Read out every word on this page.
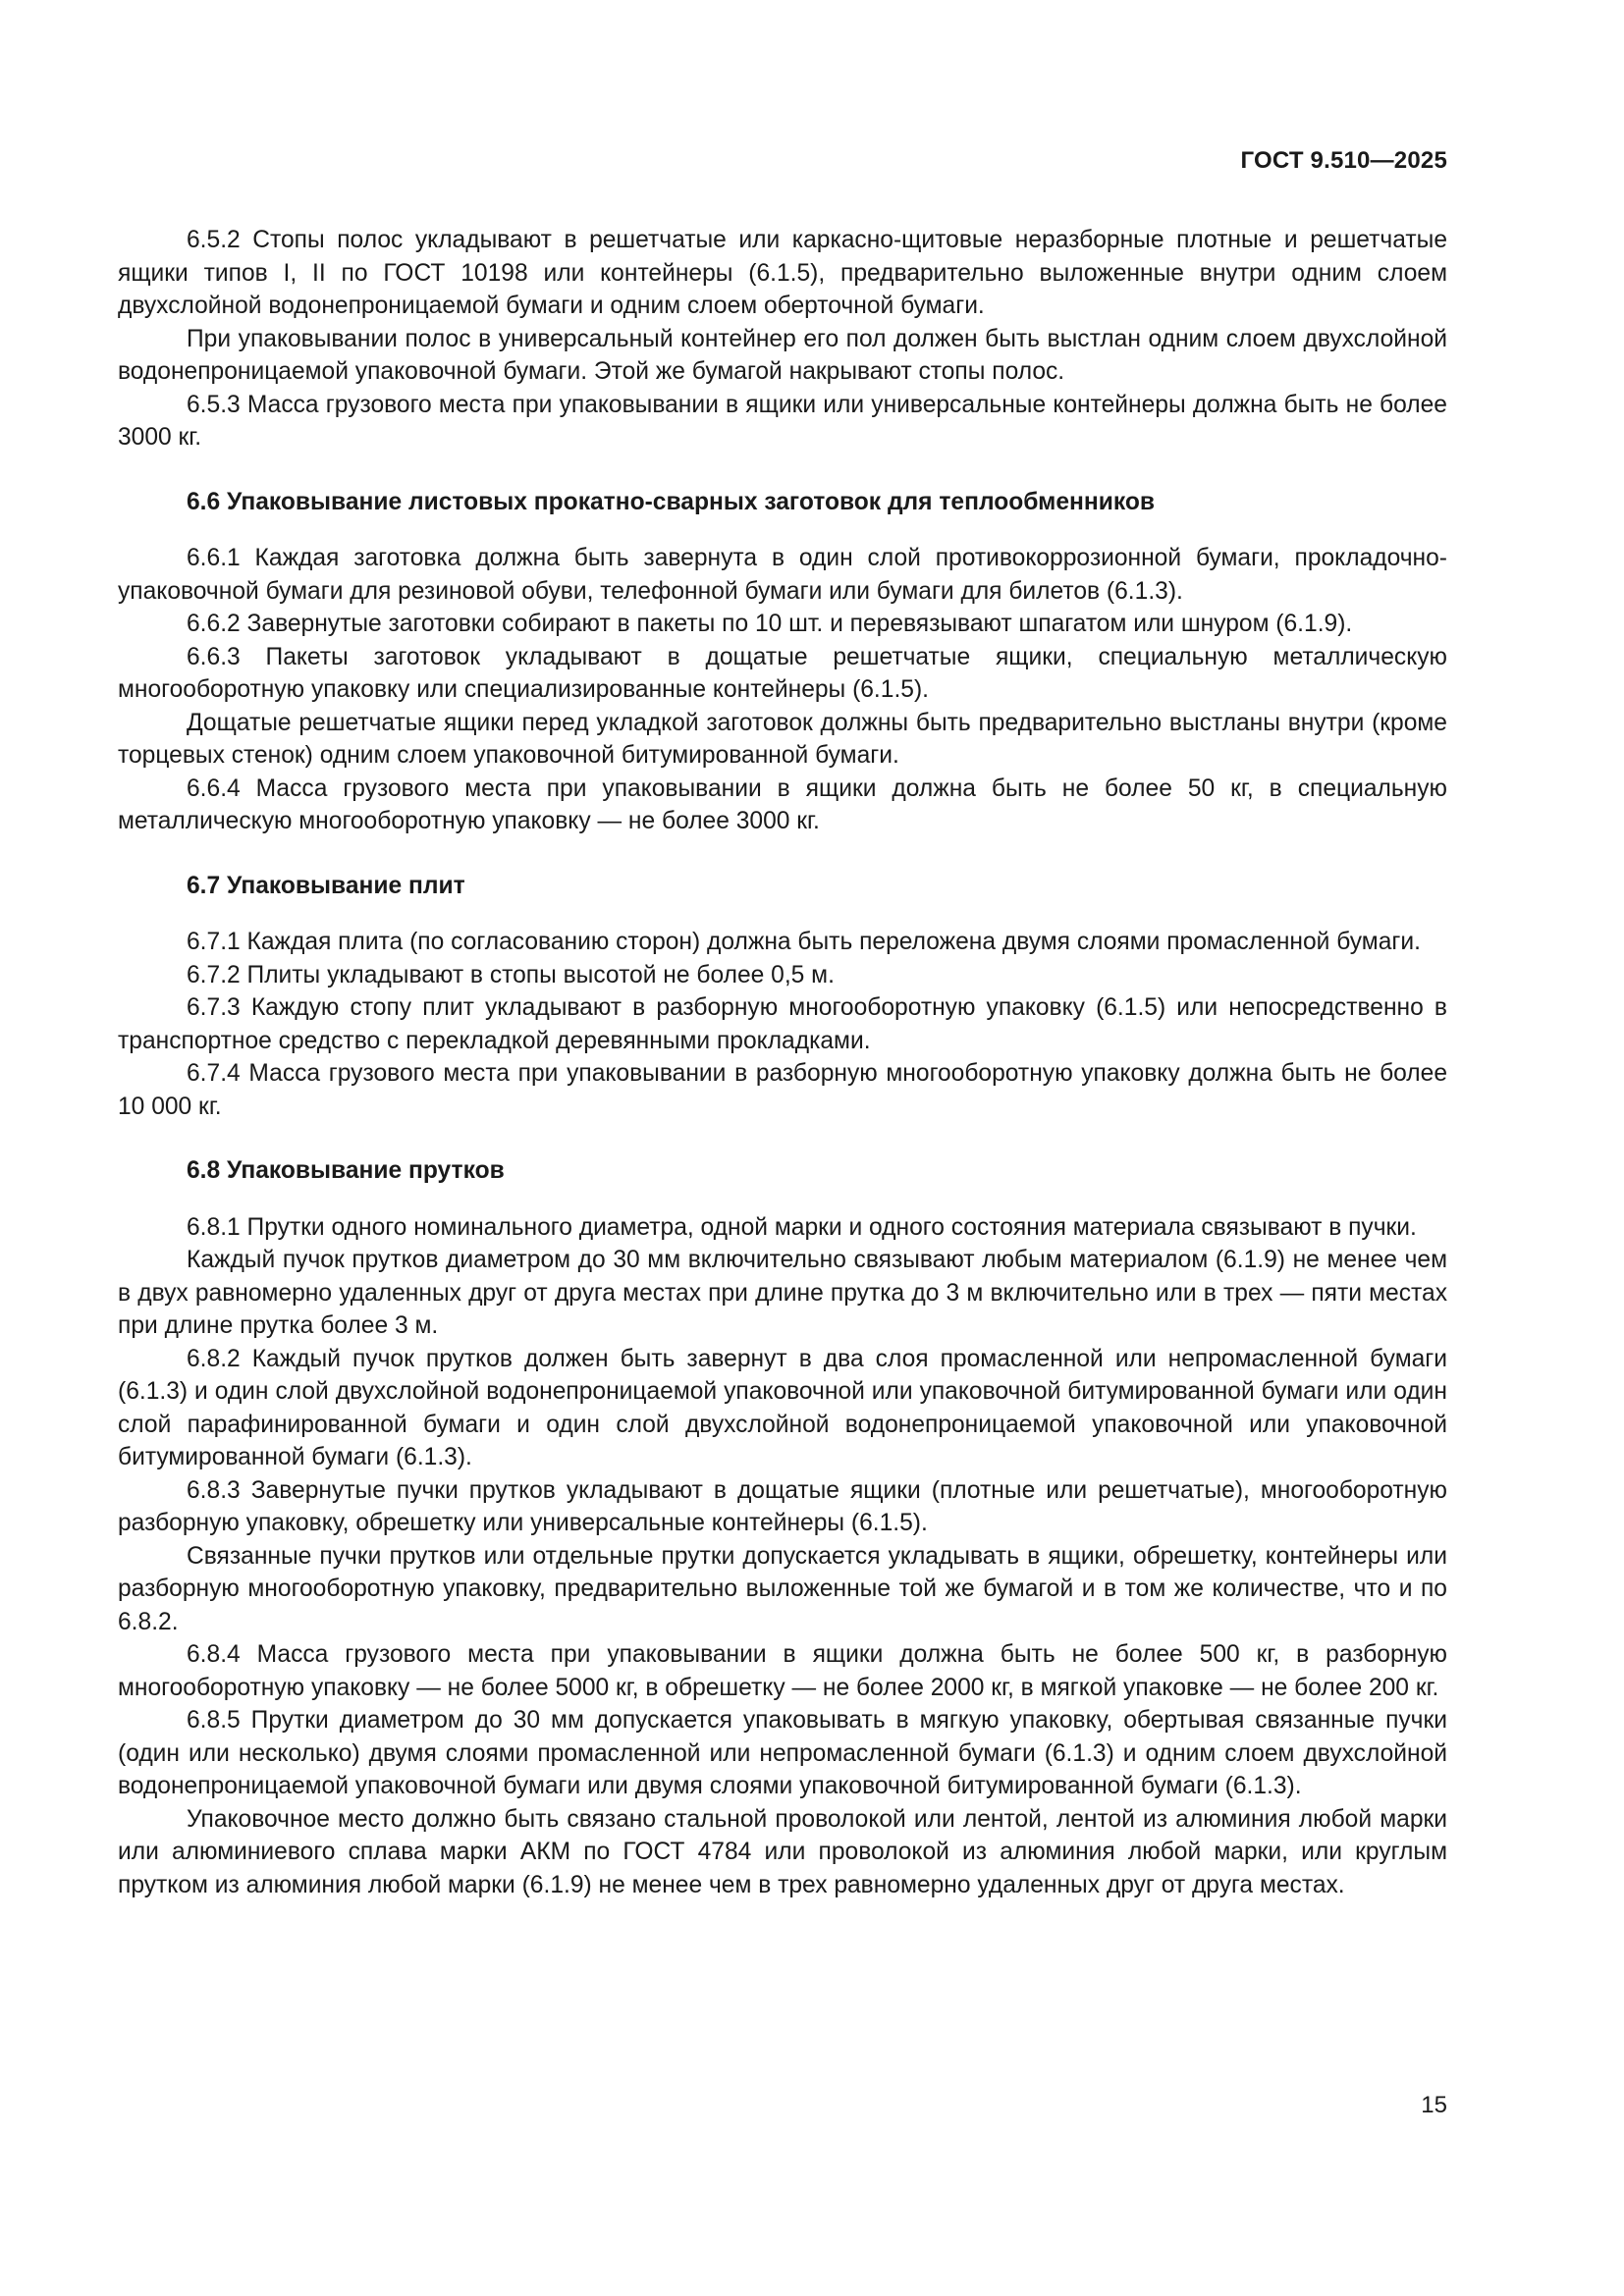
ГОСТ 9.510—2025

6.5.2 Стопы полос укладывают в решетчатые или каркасно-щитовые неразборные плотные и решетчатые ящики типов I, II по ГОСТ 10198 или контейнеры (6.1.5), предварительно выложенные внутри одним слоем двухслойной водонепроницаемой бумаги и одним слоем оберточной бумаги.

При упаковывании полос в универсальный контейнер его пол должен быть выстлан одним слоем двухслойной водонепроницаемой упаковочной бумаги. Этой же бумагой накрывают стопы полос.

6.5.3 Масса грузового места при упаковывании в ящики или универсальные контейнеры должна быть не более 3000 кг.

6.6 Упаковывание листовых прокатно-сварных заготовок для теплообменников

6.6.1 Каждая заготовка должна быть завернута в один слой противокоррозионной бумаги, прокладочно-упаковочной бумаги для резиновой обуви, телефонной бумаги или бумаги для билетов (6.1.3).

6.6.2 Завернутые заготовки собирают в пакеты по 10 шт. и перевязывают шпагатом или шнуром (6.1.9).

6.6.3 Пакеты заготовок укладывают в дощатые решетчатые ящики, специальную металлическую многооборотную упаковку или специализированные контейнеры (6.1.5).

Дощатые решетчатые ящики перед укладкой заготовок должны быть предварительно выстланы внутри (кроме торцевых стенок) одним слоем упаковочной битумированной бумаги.

6.6.4 Масса грузового места при упаковывании в ящики должна быть не более 50 кг, в специальную металлическую многооборотную упаковку — не более 3000 кг.

6.7 Упаковывание плит

6.7.1 Каждая плита (по согласованию сторон) должна быть переложена двумя слоями промасленной бумаги.

6.7.2 Плиты укладывают в стопы высотой не более 0,5 м.

6.7.3 Каждую стопу плит укладывают в разборную многооборотную упаковку (6.1.5) или непосредственно в транспортное средство с перекладкой деревянными прокладками.

6.7.4 Масса грузового места при упаковывании в разборную многооборотную упаковку должна быть не более 10 000 кг.

6.8 Упаковывание прутков

6.8.1 Прутки одного номинального диаметра, одной марки и одного состояния материала связывают в пучки.

Каждый пучок прутков диаметром до 30 мм включительно связывают любым материалом (6.1.9) не менее чем в двух равномерно удаленных друг от друга местах при длине прутка до 3 м включительно или в трех — пяти местах при длине прутка более 3 м.

6.8.2 Каждый пучок прутков должен быть завернут в два слоя промасленной или непромасленной бумаги (6.1.3) и один слой двухслойной водонепроницаемой упаковочной или упаковочной битумированной бумаги или один слой парафинированной бумаги и один слой двухслойной водонепроницаемой упаковочной или упаковочной битумированной бумаги (6.1.3).

6.8.3 Завернутые пучки прутков укладывают в дощатые ящики (плотные или решетчатые), многооборотную разборную упаковку, обрешетку или универсальные контейнеры (6.1.5).

Связанные пучки прутков или отдельные прутки допускается укладывать в ящики, обрешетку, контейнеры или разборную многооборотную упаковку, предварительно выложенные той же бумагой и в том же количестве, что и по 6.8.2.

6.8.4 Масса грузового места при упаковывании в ящики должна быть не более 500 кг, в разборную многооборотную упаковку — не более 5000 кг, в обрешетку — не более 2000 кг, в мягкой упаковке — не более 200 кг.

6.8.5 Прутки диаметром до 30 мм допускается упаковывать в мягкую упаковку, обертывая связанные пучки (один или несколько) двумя слоями промасленной или непромасленной бумаги (6.1.3) и одним слоем двухслойной водонепроницаемой упаковочной бумаги или двумя слоями упаковочной битумированной бумаги (6.1.3).

Упаковочное место должно быть связано стальной проволокой или лентой, лентой из алюминия любой марки или алюминиевого сплава марки АКМ по ГОСТ 4784 или проволокой из алюминия любой марки, или круглым прутком из алюминия любой марки (6.1.9) не менее чем в трех равномерно удаленных друг от друга местах.

15
